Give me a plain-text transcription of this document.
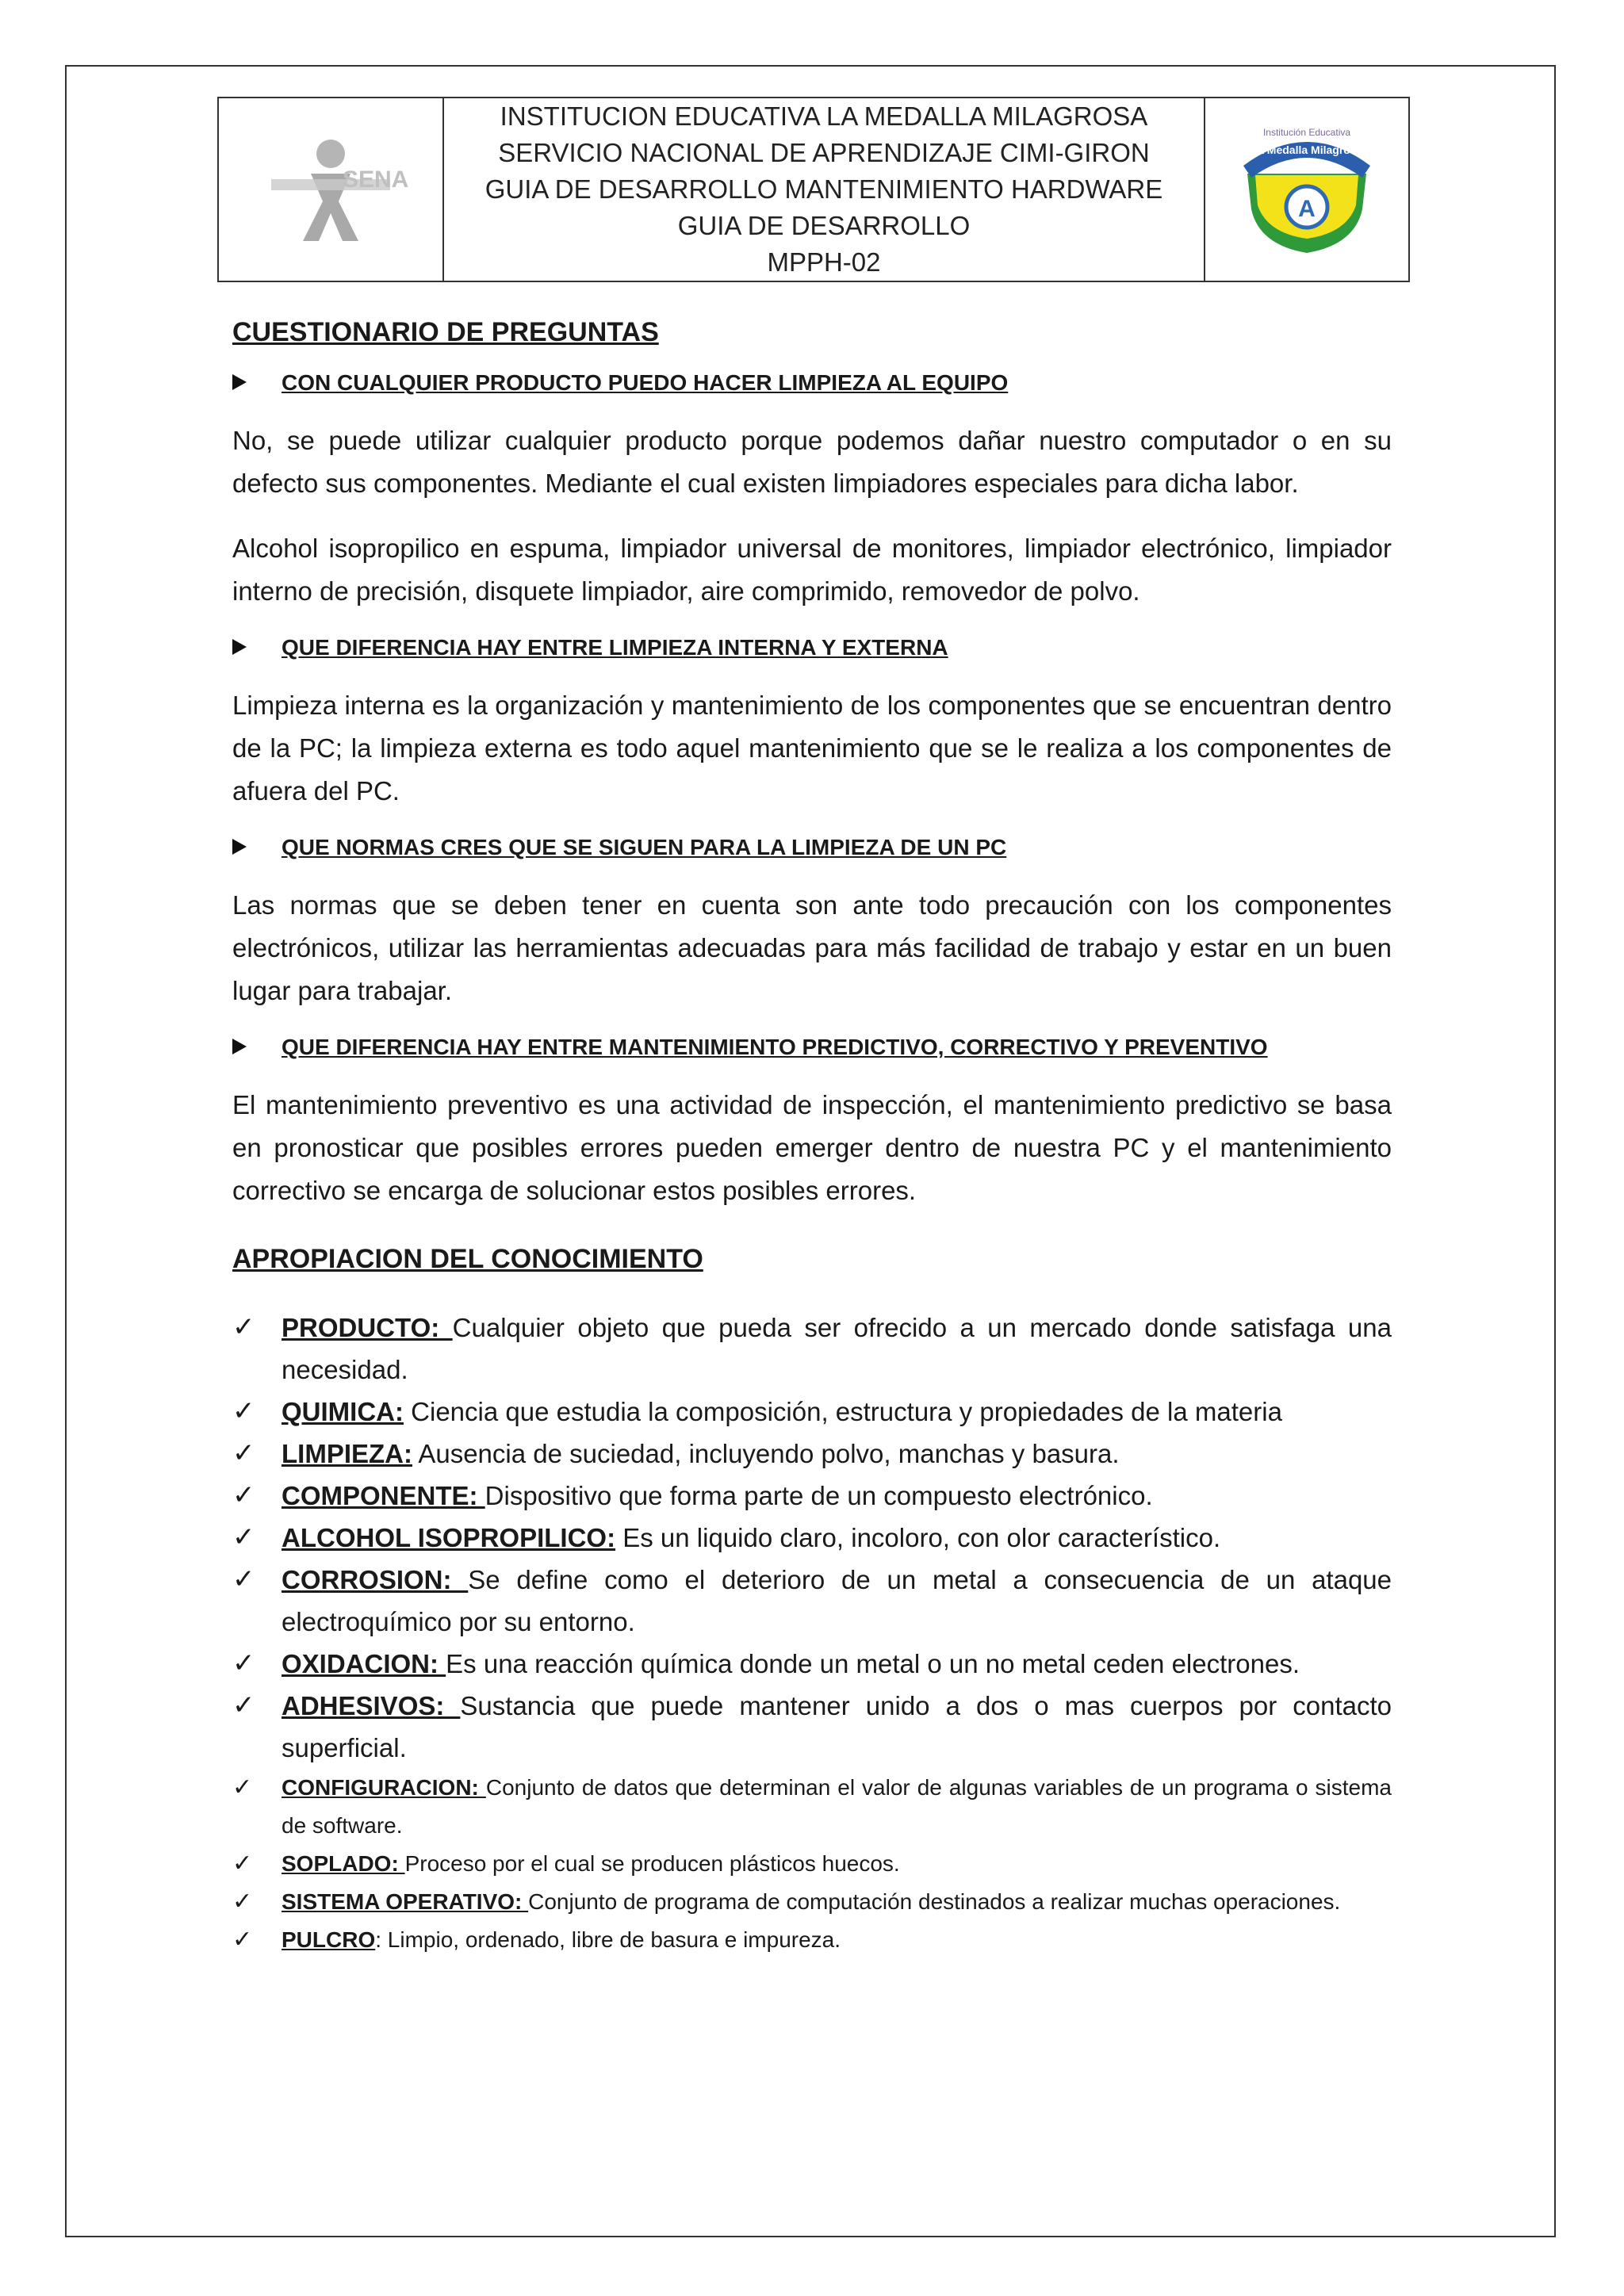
SENA
INSTITUCION EDUCATIVA LA MEDALLA MILAGROSA
SERVICIO NACIONAL DE APRENDIZAJE CIMI-GIRON
GUIA DE DESARROLLO MANTENIMIENTO HARDWARE
GUIA DE DESARROLLO
MPPH-02
A
La Medalla Milagrosa
Institución Educativa
CUESTIONARIO DE PREGUNTAS
CON CUALQUIER PRODUCTO PUEDO HACER LIMPIEZA AL EQUIPO

No, se puede utilizar cualquier producto porque podemos dañar nuestro computador o en su defecto sus componentes. Mediante el cual existen limpiadores especiales para dicha labor.

Alcohol isopropilico en espuma, limpiador universal de monitores, limpiador electrónico, limpiador interno de precisión, disquete limpiador, aire comprimido, removedor de polvo.

QUE DIFERENCIA HAY ENTRE LIMPIEZA INTERNA Y EXTERNA

Limpieza interna es la organización y mantenimiento de los componentes que se encuentran dentro de la PC; la limpieza externa es todo aquel mantenimiento que se le realiza a los componentes de afuera del PC.

QUE NORMAS CRES QUE SE SIGUEN PARA LA LIMPIEZA DE UN PC

Las normas que se deben tener en cuenta son ante todo precaución con los componentes electrónicos, utilizar las herramientas adecuadas para más facilidad de trabajo y estar en un buen lugar para trabajar.

QUE DIFERENCIA HAY ENTRE MANTENIMIENTO PREDICTIVO, CORRECTIVO Y PREVENTIVO

El mantenimiento preventivo es una actividad de inspección, el mantenimiento predictivo se basa en pronosticar que posibles errores pueden emerger dentro de nuestra PC y el mantenimiento correctivo se encarga de solucionar estos posibles errores.

APROPIACION DEL CONOCIMIENTO
✓	PRODUCTO: Cualquier objeto que pueda ser ofrecido a un mercado donde satisfaga una necesidad.
✓	QUIMICA: Ciencia que estudia la composición, estructura y propiedades de la materia
✓	LIMPIEZA: Ausencia de suciedad, incluyendo polvo, manchas y basura.
✓	COMPONENTE: Dispositivo que forma parte de un compuesto electrónico.
✓	ALCOHOL ISOPROPILICO: Es un liquido claro, incoloro, con olor característico.
✓	CORROSION: Se define como el deterioro de un metal a consecuencia de un ataque electroquímico por su entorno.
✓	OXIDACION: Es una reacción química donde un metal o un no metal ceden electrones.
✓	ADHESIVOS: Sustancia que puede mantener unido a dos o mas cuerpos por contacto superficial.
✓	CONFIGURACION: Conjunto de datos que determinan el valor de algunas variables de un programa o sistema de software.
✓	SOPLADO: Proceso por el cual se producen plásticos huecos.
✓	SISTEMA OPERATIVO: Conjunto de programa de computación destinados a realizar muchas operaciones.
✓	PULCRO: Limpio, ordenado, libre de basura e impureza.
